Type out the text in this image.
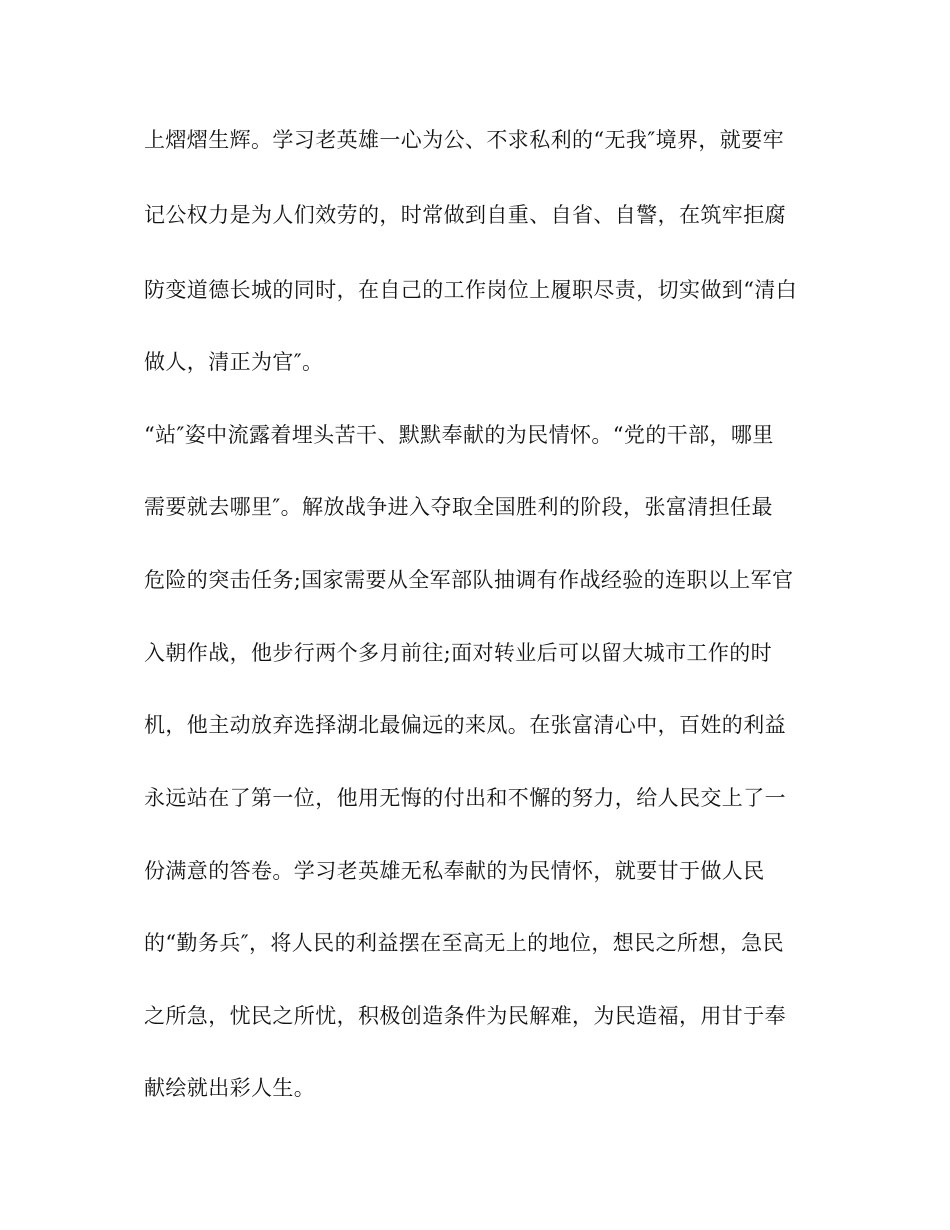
上熠熠生辉。学习老英雄一心为公、不求私利的“无我″境界，就要牢

记公权力是为人们效劳的，时常做到自重、自省、自警，在筑牢拒腐

防变道德长城的同时，在自己的工作岗位上履职尽责，切实做到“清白

做人，清正为官″。

“站″姿中流露着埋头苦干、默默奉献的为民情怀。“党的干部，哪里

需要就去哪里″。解放战争进入夺取全国胜利的阶段，张富清担任最

危险的突击任务;国家需要从全军部队抽调有作战经验的连职以上军官

入朝作战，他步行两个多月前往;面对转业后可以留大城市工作的时

机，他主动放弃选择湖北最偏远的来凤。在张富清心中，百姓的利益

永远站在了第一位，他用无悔的付出和不懈的努力，给人民交上了一

份满意的答卷。学习老英雄无私奉献的为民情怀，就要甘于做人民

的“勤务兵″，将人民的利益摆在至高无上的地位，想民之所想，急民

之所急，忧民之所忧，积极创造条件为民解难，为民造福，用甘于奉

献绘就出彩人生。
